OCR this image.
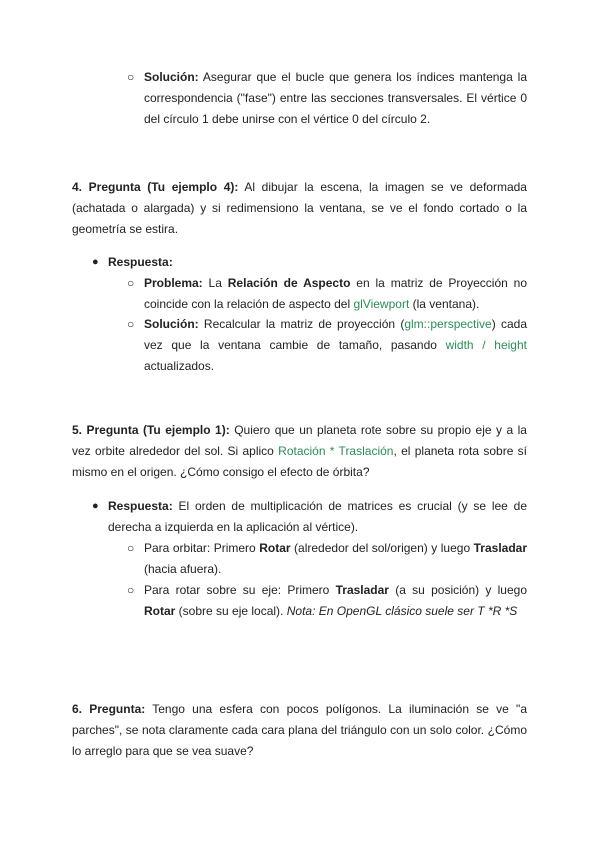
○ Solución: Asegurar que el bucle que genera los índices mantenga la correspondencia ("fase") entre las secciones transversales. El vértice 0 del círculo 1 debe unirse con el vértice 0 del círculo 2.
4. Pregunta (Tu ejemplo 4): Al dibujar la escena, la imagen se ve deformada (achatada o alargada) y si redimensiono la ventana, se ve el fondo cortado o la geometría se estira.
● Respuesta:
○ Problema: La Relación de Aspecto en la matriz de Proyección no coincide con la relación de aspecto del glViewport (la ventana).
○ Solución: Recalcular la matriz de proyección (glm::perspective) cada vez que la ventana cambie de tamaño, pasando width / height actualizados.
5. Pregunta (Tu ejemplo 1): Quiero que un planeta rote sobre su propio eje y a la vez orbite alrededor del sol. Si aplico Rotación * Traslación, el planeta rota sobre sí mismo en el origen. ¿Cómo consigo el efecto de órbita?
● Respuesta: El orden de multiplicación de matrices es crucial (y se lee de derecha a izquierda en la aplicación al vértice).
○ Para orbitar: Primero Rotar (alrededor del sol/origen) y luego Trasladar (hacia afuera).
○ Para rotar sobre su eje: Primero Trasladar (a su posición) y luego Rotar (sobre su eje local). Nota: En OpenGL clásico suele ser T *R *S
6. Pregunta: Tengo una esfera con pocos polígonos. La iluminación se ve "a parches", se nota claramente cada cara plana del triángulo con un solo color. ¿Cómo lo arreglo para que se vea suave?
